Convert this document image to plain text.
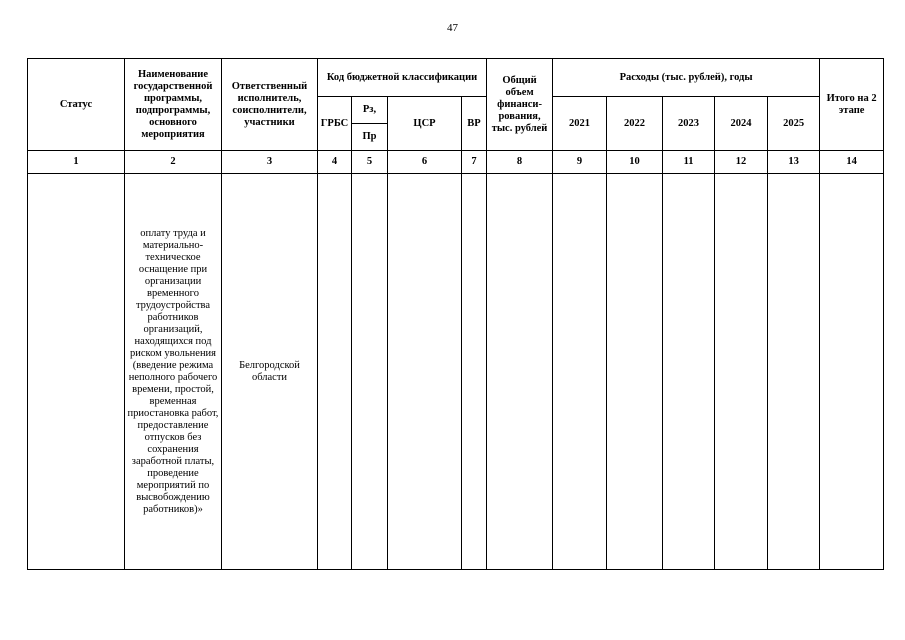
47
Статус	Наименование государственной программы, подпрограммы, основного мероприятия	Ответственный исполнитель, соисполнители, участники	Код бюджетной классификации				Общий объем финанси-рования, тыс. рублей	Расходы (тыс. рублей), годы					Итого на 2 этапе
			ГРБС	Рз,	ЦСР	ВР		2021	2022	2023	2024	2025	
				Пр									
1	2	3	4	5	6	7	8	9	10	11	12	13	14
	оплату труда и материально-техническое оснащение при организации временного трудоустройства работников организаций, находящихся под риском увольнения (введение режима неполного рабочего времени, простой, временная приостановка работ, предоставление отпусков без сохранения заработной платы, проведение мероприятий по высвобождению работников)»	Белгородской области											
